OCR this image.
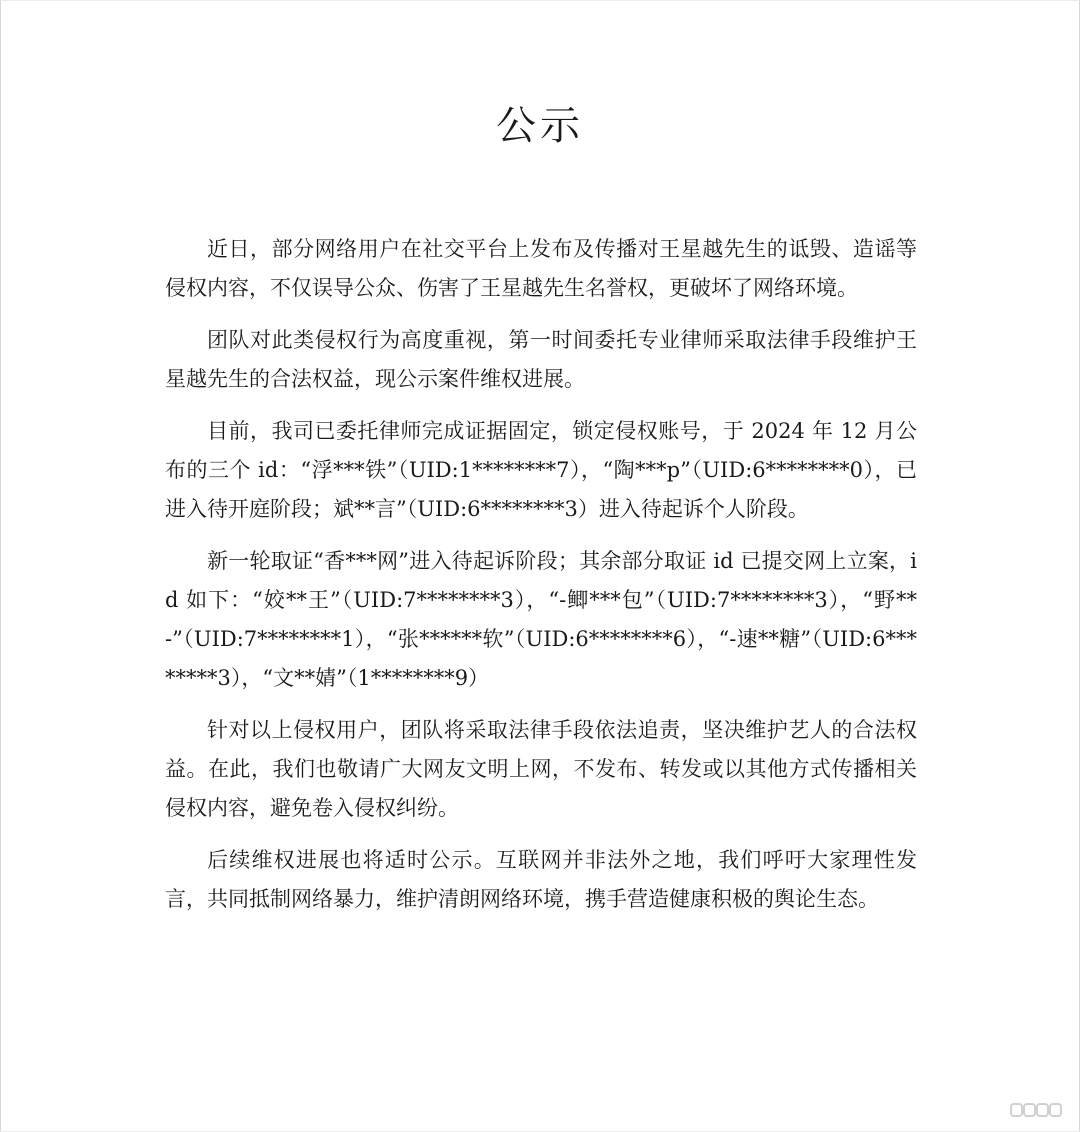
公示

近日，部分网络用户在社交平台上发布及传播对王星越先生的诋毁、造谣等侵权内容，不仅误导公众、伤害了王星越先生名誉权，更破坏了网络环境。

团队对此类侵权行为高度重视，第一时间委托专业律师采取法律手段维护王星越先生的合法权益，现公示案件维权进展。

目前，我司已委托律师完成证据固定，锁定侵权账号，于 2024 年 12 月公布的三个 id：“浮***铁”（UID:1********7），“陶***p”（UID:6********0），已进入待开庭阶段；斌**言”（UID:6********3）进入待起诉个人阶段。

新一轮取证“香***网”进入待起诉阶段；其余部分取证 id 已提交网上立案，id 如下：“姣**王”（UID:7********3），“-鲫***包”（UID:7********3），“野**-”（UID:7********1），“张******软”（UID:6********6），“-速**糖”（UID:6********3），“文**婧”（1********9）

针对以上侵权用户，团队将采取法律手段依法追责，坚决维护艺人的合法权益。在此，我们也敬请广大网友文明上网，不发布、转发或以其他方式传播相关侵权内容，避免卷入侵权纠纷。

后续维权进展也将适时公示。互联网并非法外之地，我们呼吁大家理性发言，共同抵制网络暴力，维护清朗网络环境，携手营造健康积极的舆论生态。
